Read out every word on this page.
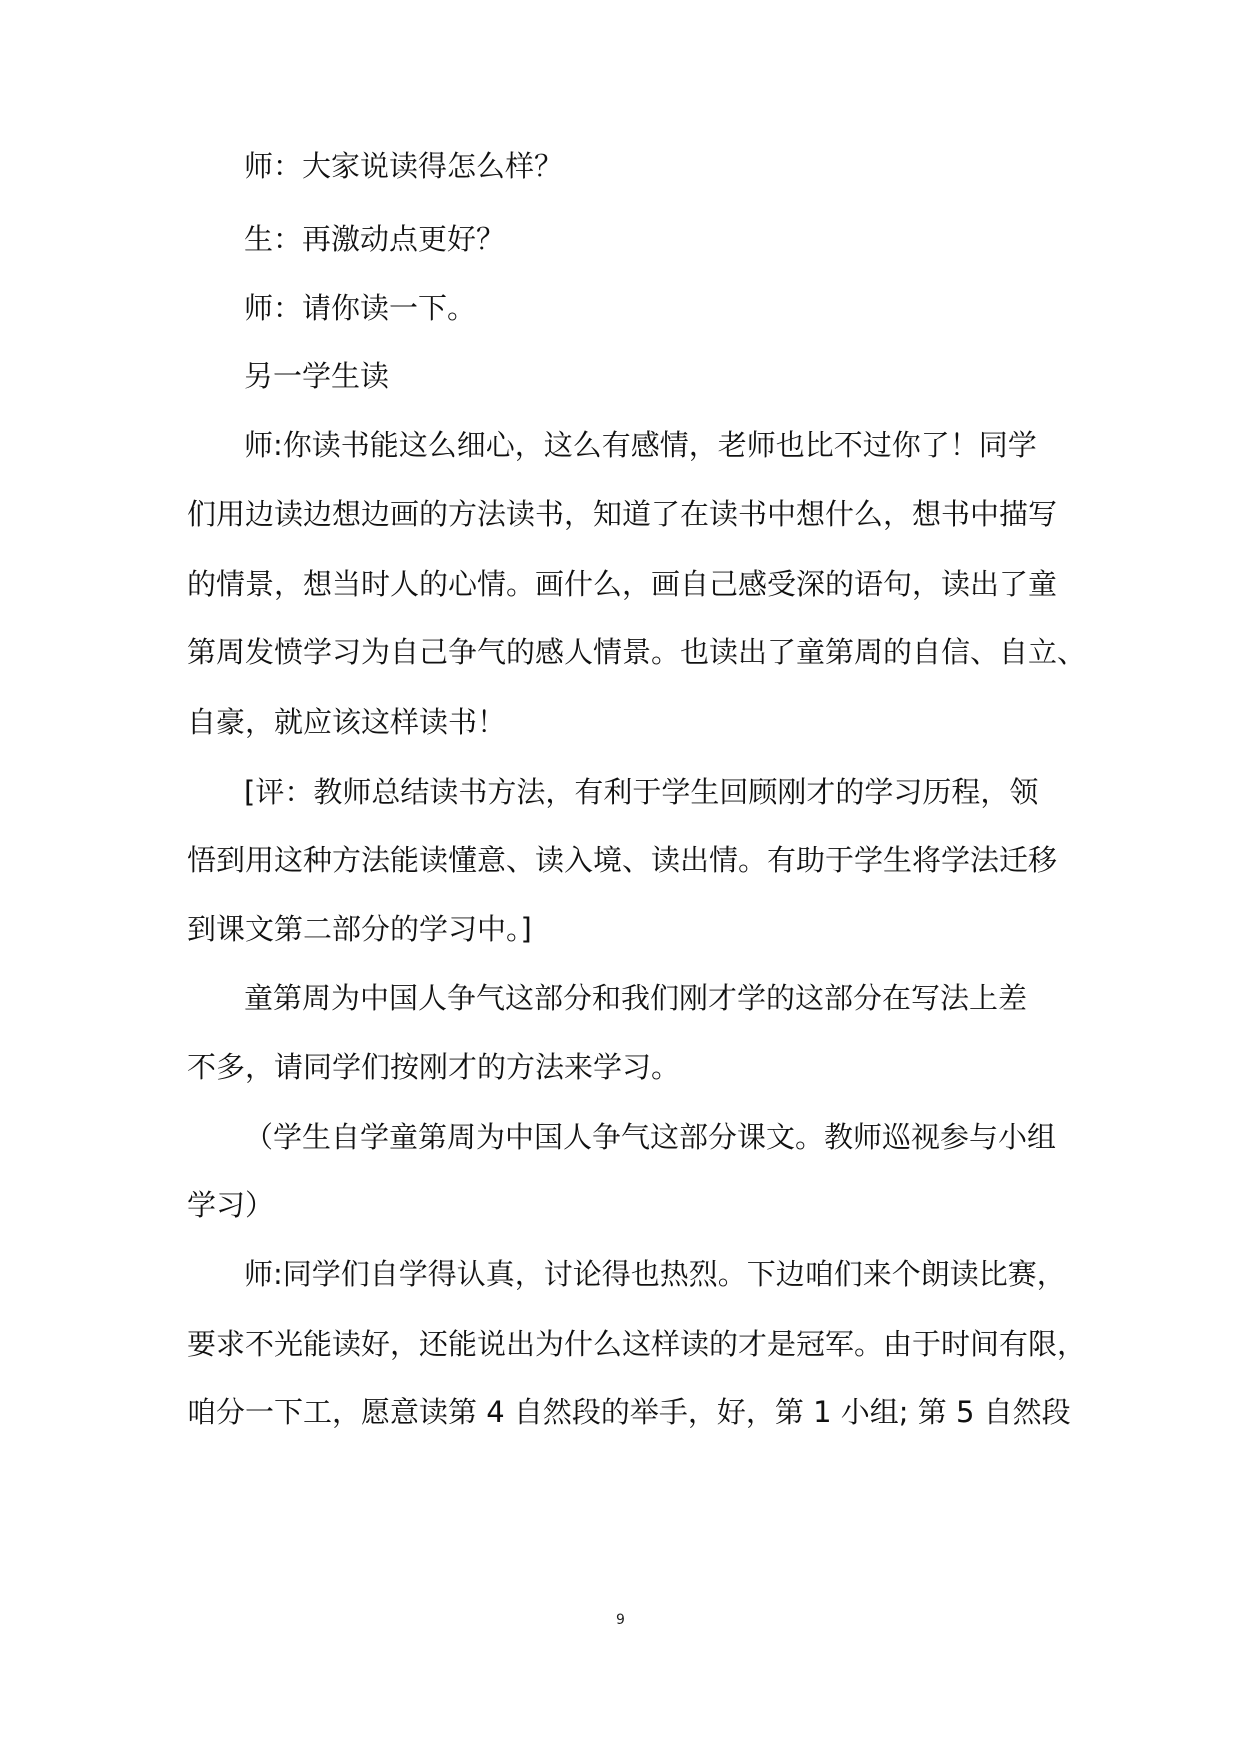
师：大家说读得怎么样？
生：再激动点更好？
师：请你读一下。
另一学生读
师:你读书能这么细心，这么有感情，老师也比不过你了！同学
们用边读边想边画的方法读书，知道了在读书中想什么，想书中描写
的情景，想当时人的心情。画什么，画自己感受深的语句，读出了童
第周发愤学习为自己争气的感人情景。也读出了童第周的自信、自立、
自豪，就应该这样读书！
[评：教师总结读书方法，有利于学生回顾刚才的学习历程，领
悟到用这种方法能读懂意、读入境、读出情。有助于学生将学法迁移
到课文第二部分的学习中。]
童第周为中国人争气这部分和我们刚才学的这部分在写法上差
不多，请同学们按刚才的方法来学习。
（学生自学童第周为中国人争气这部分课文。教师巡视参与小组
学习）
师:同学们自学得认真，讨论得也热烈。下边咱们来个朗读比赛，
要求不光能读好，还能说出为什么这样读的才是冠军。由于时间有限，
咱分一下工，愿意读第 4 自然段的举手，好，第 1 小组; 第 5 自然段
9
